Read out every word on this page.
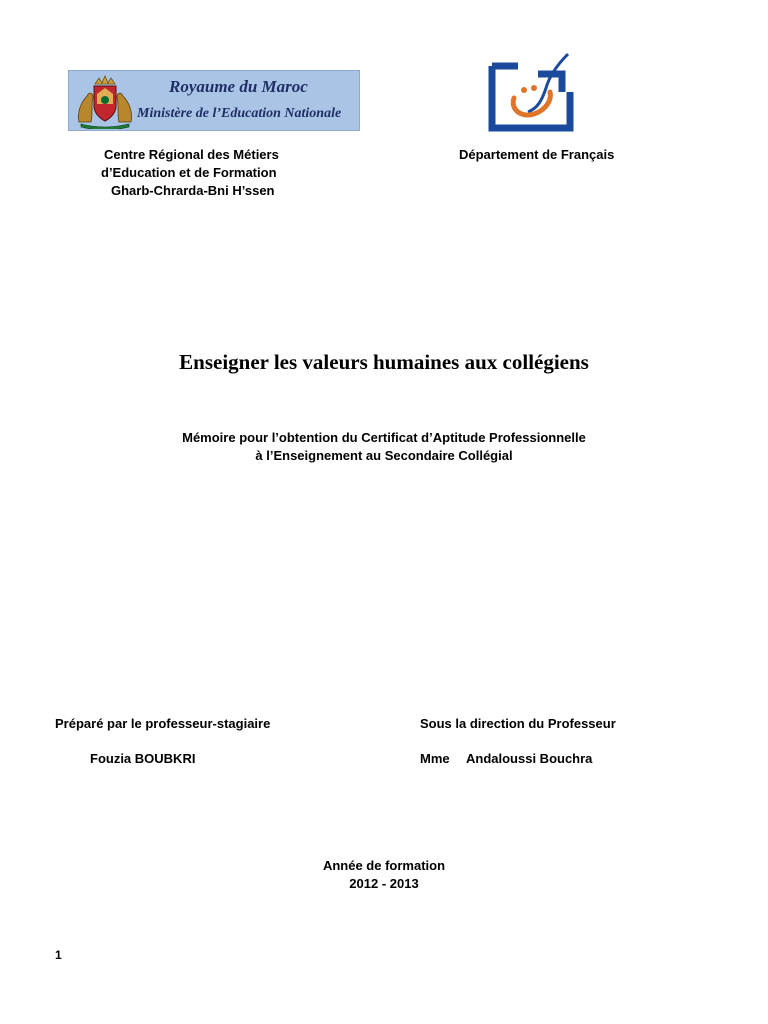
Royaume du Maroc
Ministère de l’Education Nationale
Centre Régional des Métiers
d’Education et de Formation
Gharb-Chrarda-Bni H’ssen
Département de Français
Enseigner les valeurs humaines aux collégiens
Mémoire pour l’obtention du Certificat d’Aptitude Professionnelle
à l’Enseignement au Secondaire Collégial
Préparé par le professeur-stagiaire
Fouzia BOUBKRI
Sous la direction du Professeur
Mme Andaloussi Bouchra
Année de formation
2012 - 2013
1
